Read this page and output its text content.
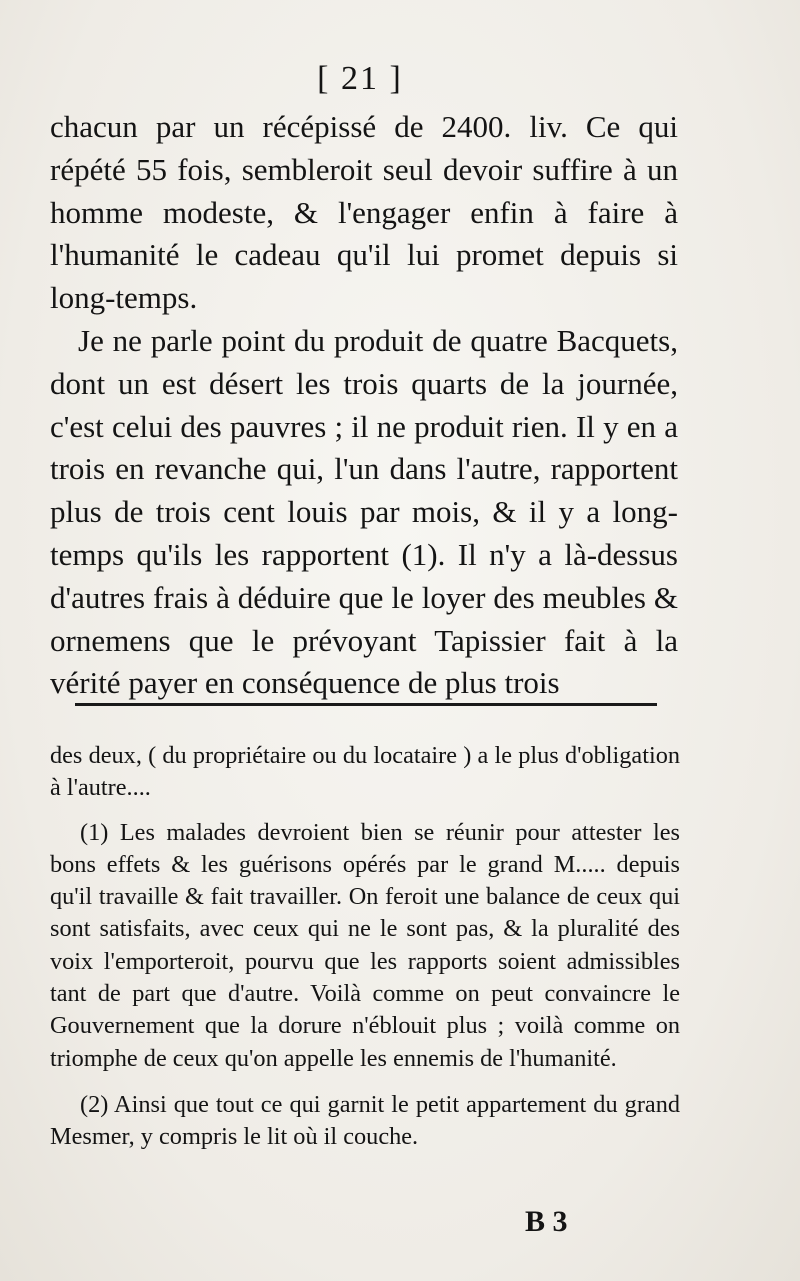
[ 21 ]

chacun par un récépissé de 2400. liv. Ce qui répété 55 fois, sembleroit seul devoir suffire à un homme modeste, & l'engager enfin à faire à l'humanité le cadeau qu'il lui promet depuis si long-temps.

Je ne parle point du produit de quatre Bacquets, dont un est désert les trois quarts de la journée, c'est celui des pauvres ; il ne produit rien. Il y en a trois en revanche qui, l'un dans l'autre, rapportent plus de trois cent louis par mois, & il y a long-temps qu'ils les rapportent (1). Il n'y a là-dessus d'autres frais à déduire que le loyer des meubles & ornemens que le prévoyant Tapissier fait à la vérité payer en conséquence de plus trois

des deux, ( du propriétaire ou du locataire ) a le plus d'obligation à l'autre....

(1) Les malades devroient bien se réunir pour attester les bons effets & les guérisons opérés par le grand M..... depuis qu'il travaille & fait travailler. On feroit une balance de ceux qui sont satisfaits, avec ceux qui ne le sont pas, & la pluralité des voix l'emporteroit, pourvu que les rapports soient admissibles tant de part que d'autre. Voilà comme on peut convaincre le Gouvernement que la dorure n'éblouit plus ; voilà comme on triomphe de ceux qu'on appelle les ennemis de l'humanité.

(2) Ainsi que tout ce qui garnit le petit appartement du grand Mesmer, y compris le lit où il couche.

B 3
